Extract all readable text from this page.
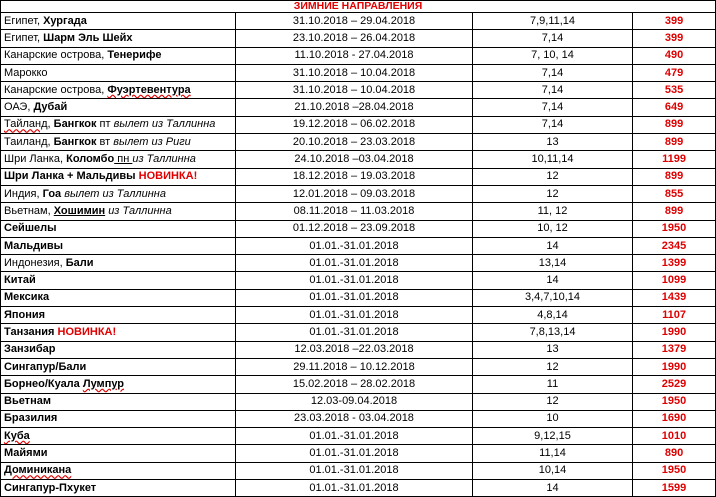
ЗИМНИЕ НАПРАВЛЕНИЯ			
Египет, Хургада	31.10.2018 – 29.04.2018	7,9,11,14	399
Египет, Шарм Эль Шейх	23.10.2018 – 26.04.2018	7,14	399
Канарские острова, Тенерифе	11.10.2018 - 27.04.2018	7, 10, 14	490
Марокко	31.10.2018 – 10.04.2018	7,14	479
Канарские острова, Фуэртевентура	31.10.2018 – 10.04.2018	7,14	535
ОАЭ, Дубай	21.10.2018 –28.04.2018	7,14	649
Тайланд, Бангкок пт вылет из Таллинна	19.12.2018 – 06.02.2018	7,14	899
Таиланд, Бангкок вт вылет из Риги	20.10.2018 – 23.03.2018	13	899
Шри Ланка, Коломбо пн из Таллинна	24.10.2018 –03.04.2018	10,11,14	1199
Шри Ланка + Мальдивы НОВИНКА!	18.12.2018 – 19.03.2018	12	899
Индия, Гоа вылет из Таллинна	12.01.2018 – 09.03.2018	12	855
Вьетнам, Хошимин из Таллинна	08.11.2018 – 11.03.2018	11, 12	899
Сейшелы	01.12.2018 – 23.09.2018	10, 12	1950
Мальдивы	01.01.-31.01.2018	14	2345
Индонезия, Бали	01.01.-31.01.2018	13,14	1399
Китай	01.01.-31.01.2018	14	1099
Мексика	01.01.-31.01.2018	3,4,7,10,14	1439
Япония	01.01.-31.01.2018	4,8,14	1107
Танзания НОВИНКА!	01.01.-31.01.2018	7,8,13,14	1990
Занзибар	12.03.2018 –22.03.2018	13	1379
Сингапур/Бали	29.11.2018 – 10.12.2018	12	1990
Борнео/Куала Лумпур	15.02.2018 – 28.02.2018	11	2529
Вьетнам	12.03-09.04.2018	12	1950
Бразилия	23.03.2018 - 03.04.2018	10	1690
Куба	01.01.-31.01.2018	9,12,15	1010
Майями	01.01.-31.01.2018	11,14	890
Доминикана	01.01.-31.01.2018	10,14	1950
Сингапур-Пхукет	01.01.-31.01.2018	14	1599
